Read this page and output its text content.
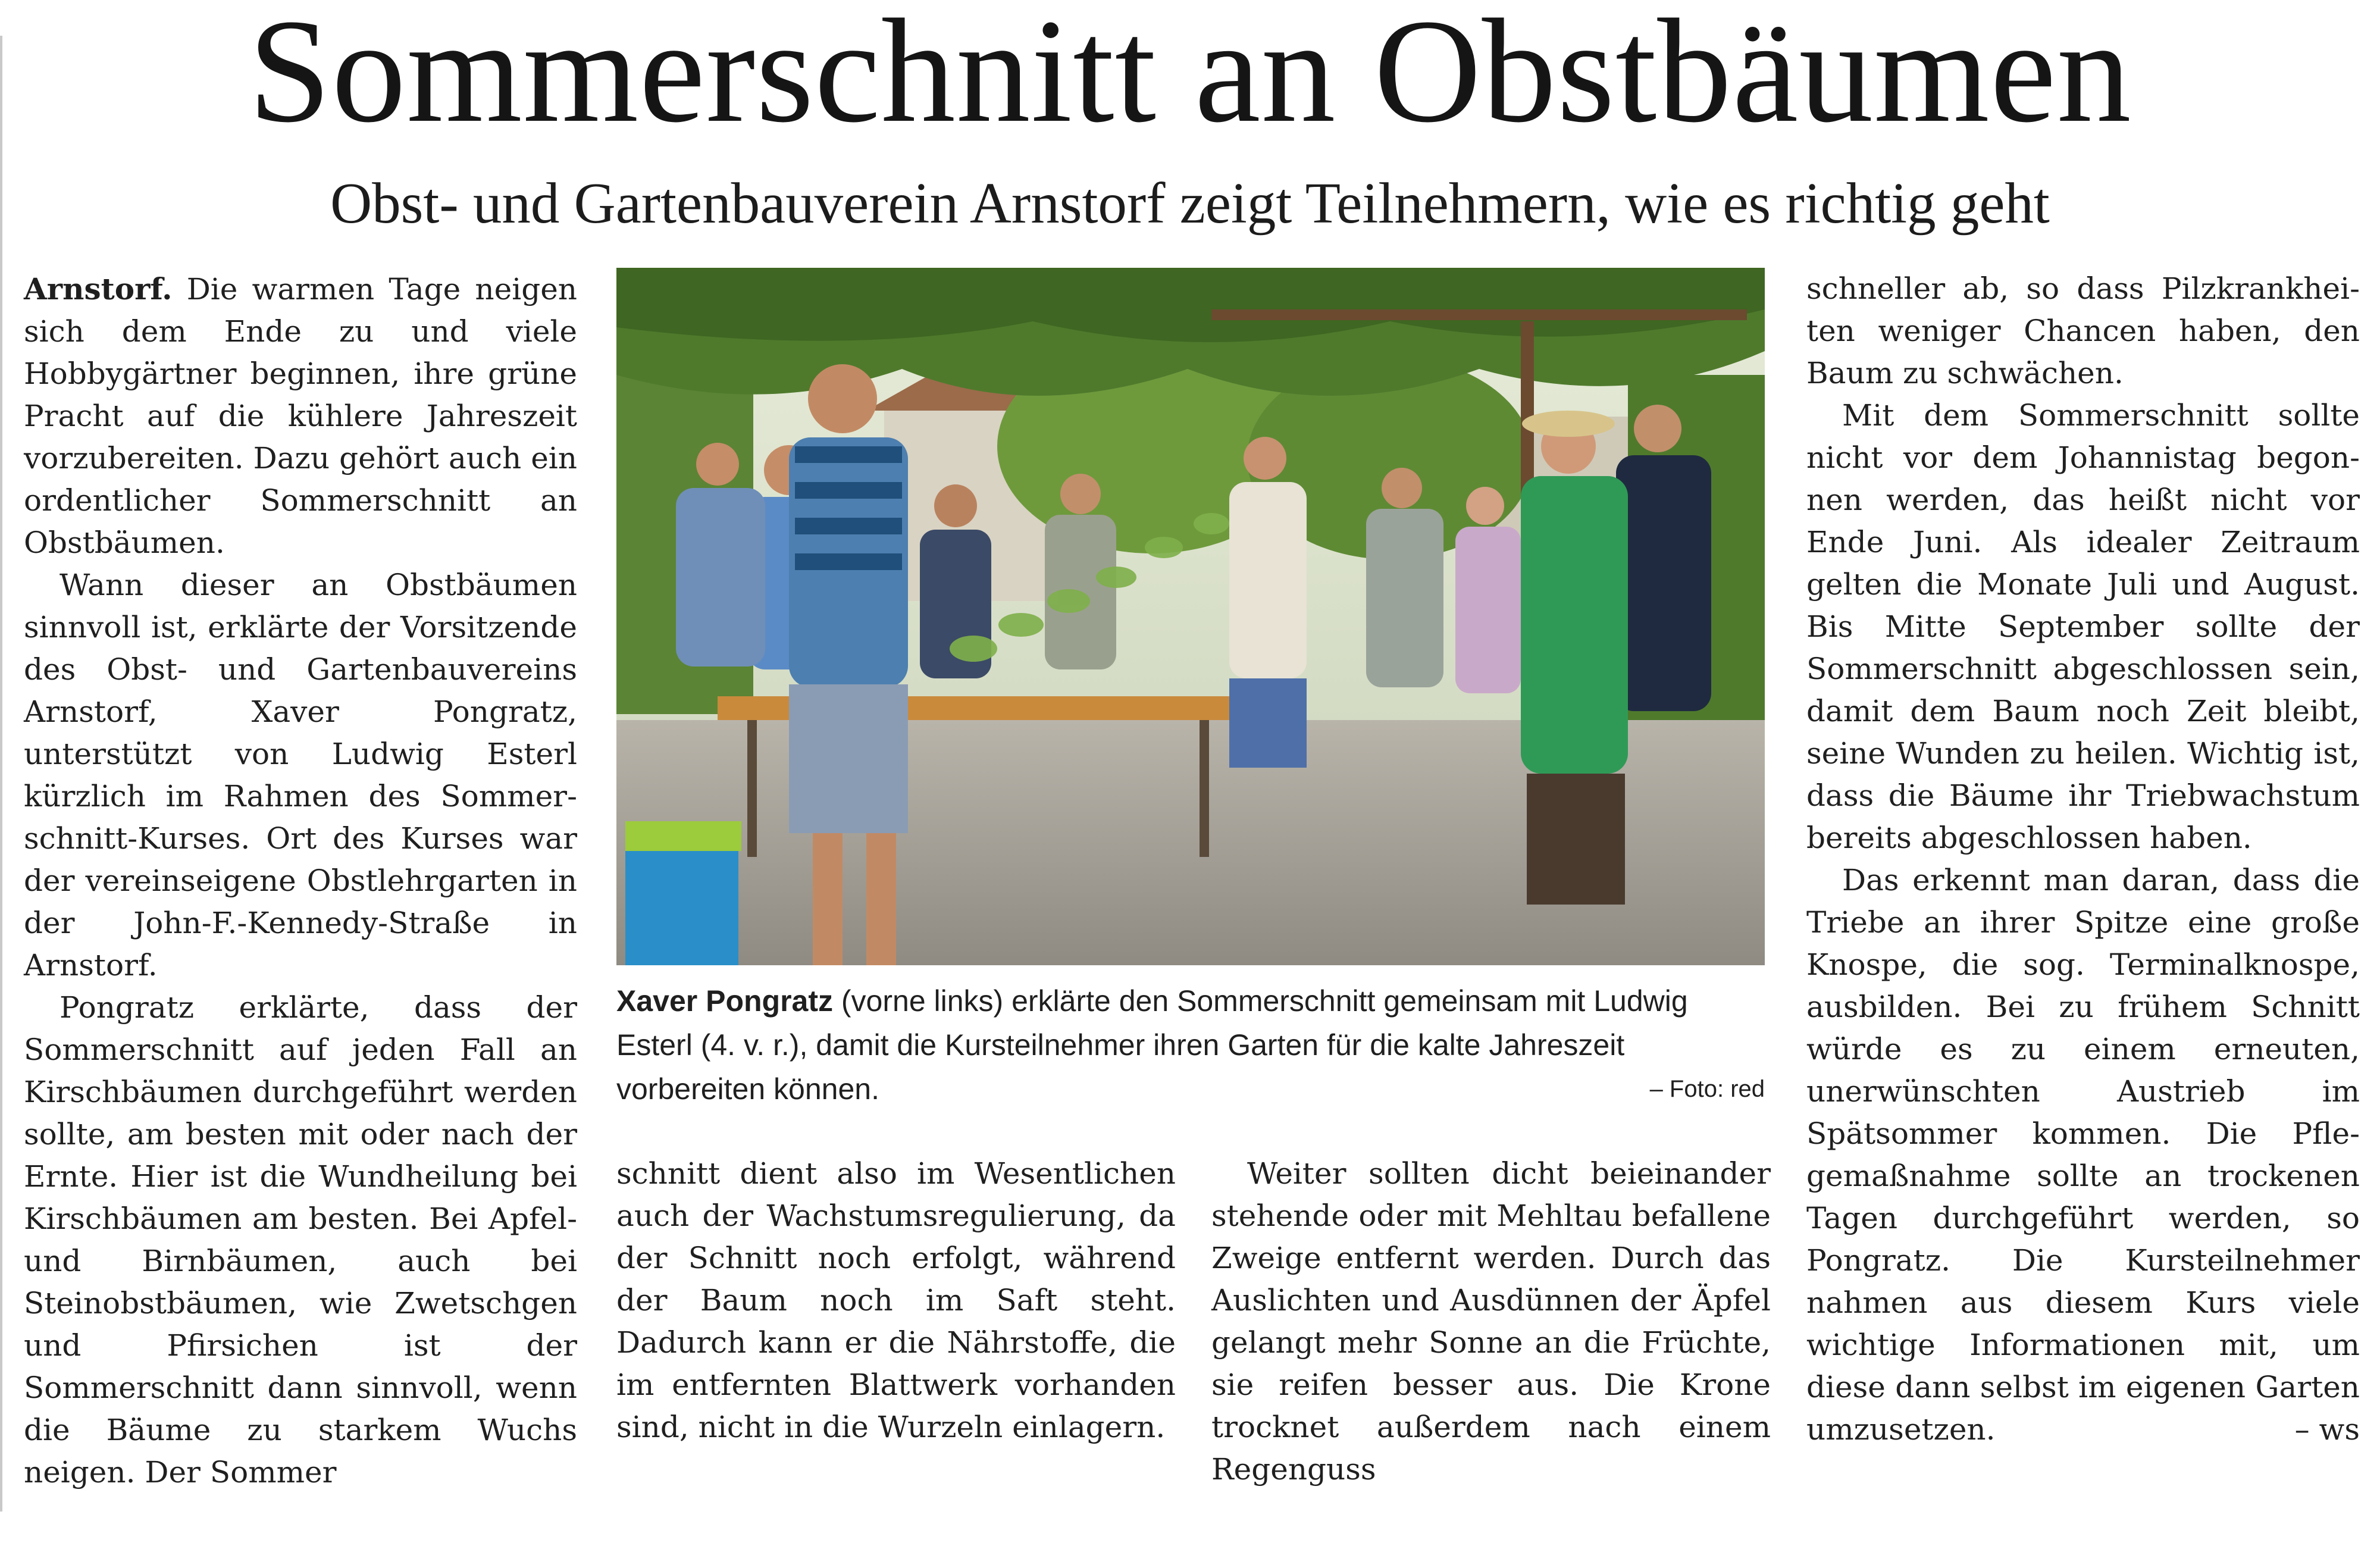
Sommerschnitt an Obstbäumen
Obst- und Gartenbauverein Arnstorf zeigt Teilnehmern, wie es richtig geht

Arnstorf. Die warmen Tage neigen sich dem Ende zu und viele Hobbygärtner beginnen, ihre grüne Pracht auf die kühlere Jahreszeit vorzubereiten. Dazu gehört auch ein ordentlicher Sommerschnitt an Obstbäumen.

Wann dieser an Obstbäumen sinnvoll ist, erklärte der Vorsitzende des Obst- und Gartenbauvereins Arnstorf, Xaver Pongratz, unterstützt von Ludwig Esterl kürzlich im Rahmen des Sommerschnitt-Kurses. Ort des Kurses war der vereinseigene Obstlehrgarten in der John-F.-Kennedy-Straße in Arnstorf.

Pongratz erklärte, dass der Sommerschnitt auf jeden Fall an Kirschbäumen durchgeführt werden sollte, am besten mit oder nach der Ernte. Hier ist die Wundheilung bei Kirschbäumen am besten. Bei Apfel- und Birnbäumen, auch bei Steinobstbäumen, wie Zwetschgen und Pfirsichen ist der Sommerschnitt dann sinnvoll, wenn die Bäume zu starkem Wuchs neigen. Der Sommer

Xaver Pongratz (vorne links) erklärte den Sommerschnitt gemeinsam mit Ludwig Esterl (4. v. r.), damit die Kursteilnehmer ihren Garten für die kalte Jahreszeit vorbereiten können.	– Foto: red

schnitt dient also im Wesentlichen auch der Wachstumsregulierung, da der Schnitt noch erfolgt, während der Baum noch im Saft steht. Dadurch kann er die Nährstoffe, die im entfernten Blattwerk vorhanden sind, nicht in die Wurzeln einlagern.

Weiter sollten dicht beieinander stehende oder mit Mehltau befallene Zweige entfernt werden. Durch das Auslichten und Ausdünnen der Äpfel gelangt mehr Sonne an die Früchte, sie reifen besser aus. Die Krone trocknet außerdem nach einem Regenguss

schneller ab, so dass Pilzkrankheiten weniger Chancen haben, den Baum zu schwächen.

Mit dem Sommerschnitt sollte nicht vor dem Johannistag begonnen werden, das heißt nicht vor Ende Juni. Als idealer Zeitraum gelten die Monate Juli und August. Bis Mitte September sollte der Sommerschnitt abgeschlossen sein, damit dem Baum noch Zeit bleibt, seine Wunden zu heilen. Wichtig ist, dass die Bäume ihr Triebwachstum bereits abgeschlossen haben.

Das erkennt man daran, dass die Triebe an ihrer Spitze eine große Knospe, die sog. Terminalknospe, ausbilden. Bei zu frühem Schnitt würde es zu einem erneuten, unerwünschten Austrieb im Spätsommer kommen. Die Pflegemaßnahme sollte an trockenen Tagen durchgeführt werden, so Pongratz. Die Kursteilnehmer nahmen aus diesem Kurs viele wichtige Informationen mit, um diese dann selbst im eigenen Garten umzusetzen.	– ws
